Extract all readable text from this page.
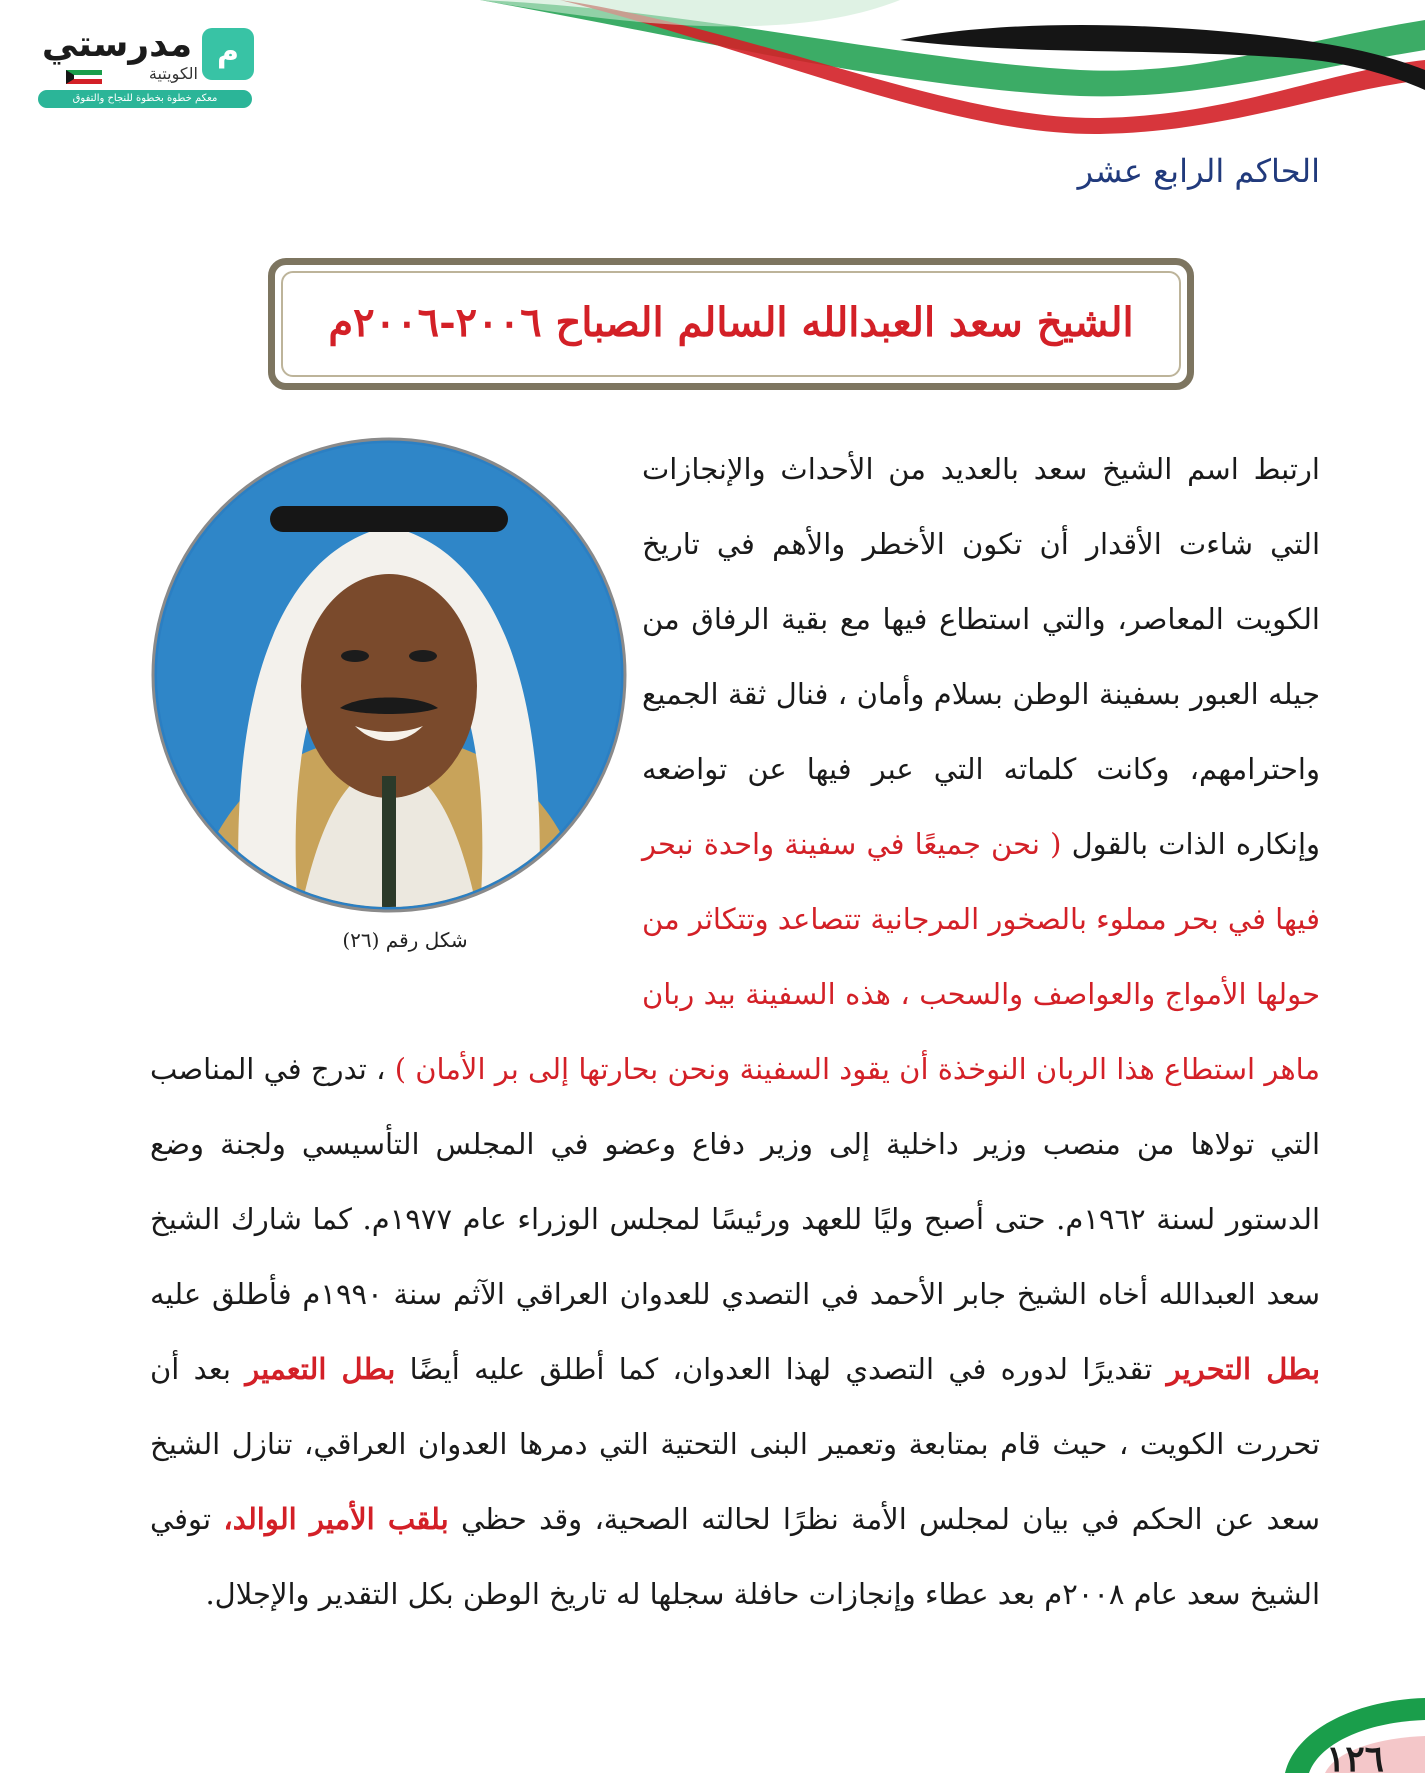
مدرستي
الكويتية
م
معكم خطوة بخطوة للنجاح والتفوق
الحاكم الرابع عشر
الشيخ سعد العبدالله السالم الصباح ٢٠٠٦-٢٠٠٦م
شكل رقم (٢٦)
ارتبط اسم الشيخ سعد بالعديد من الأحداث والإنجازات التي شاءت الأقدار أن تكون الأخطر والأهم في تاريخ الكويت المعاصر، والتي استطاع فيها مع بقية الرفاق من جيله العبور بسفينة الوطن بسلام وأمان ، فنال ثقة الجميع واحترامهم، وكانت كلماته التي عبر فيها عن تواضعه وإنكاره الذات بالقول ( نحن جميعًا في سفينة واحدة نبحر فيها في بحر مملوء بالصخور المرجانية تتصاعد وتتكاثر من حولها الأمواج والعواصف والسحب ، هذه السفينة بيد ربان ماهر استطاع هذا الربان النوخذة أن يقود السفينة ونحن بحارتها إلى بر الأمان ) ، تدرج في المناصب التي تولاها من منصب وزير داخلية إلى وزير دفاع وعضو في المجلس التأسيسي ولجنة وضع الدستور لسنة ١٩٦٢م. حتى أصبح وليًا للعهد ورئيسًا لمجلس الوزراء عام ١٩٧٧م. كما شارك الشيخ سعد العبدالله أخاه الشيخ جابر الأحمد في التصدي للعدوان العراقي الآثم سنة ١٩٩٠م فأطلق عليه بطل التحرير تقديرًا لدوره في التصدي لهذا العدوان، كما أطلق عليه أيضًا بطل التعمير بعد أن تحررت الكويت ، حيث قام بمتابعة وتعمير البنى التحتية التي دمرها العدوان العراقي، تنازل الشيخ سعد عن الحكم في بيان لمجلس الأمة نظرًا لحالته الصحية، وقد حظي بلقب الأمير الوالد، توفي الشيخ سعد عام ٢٠٠٨م بعد عطاء وإنجازات حافلة سجلها له تاريخ الوطن بكل التقدير والإجلال.
١٢٦
